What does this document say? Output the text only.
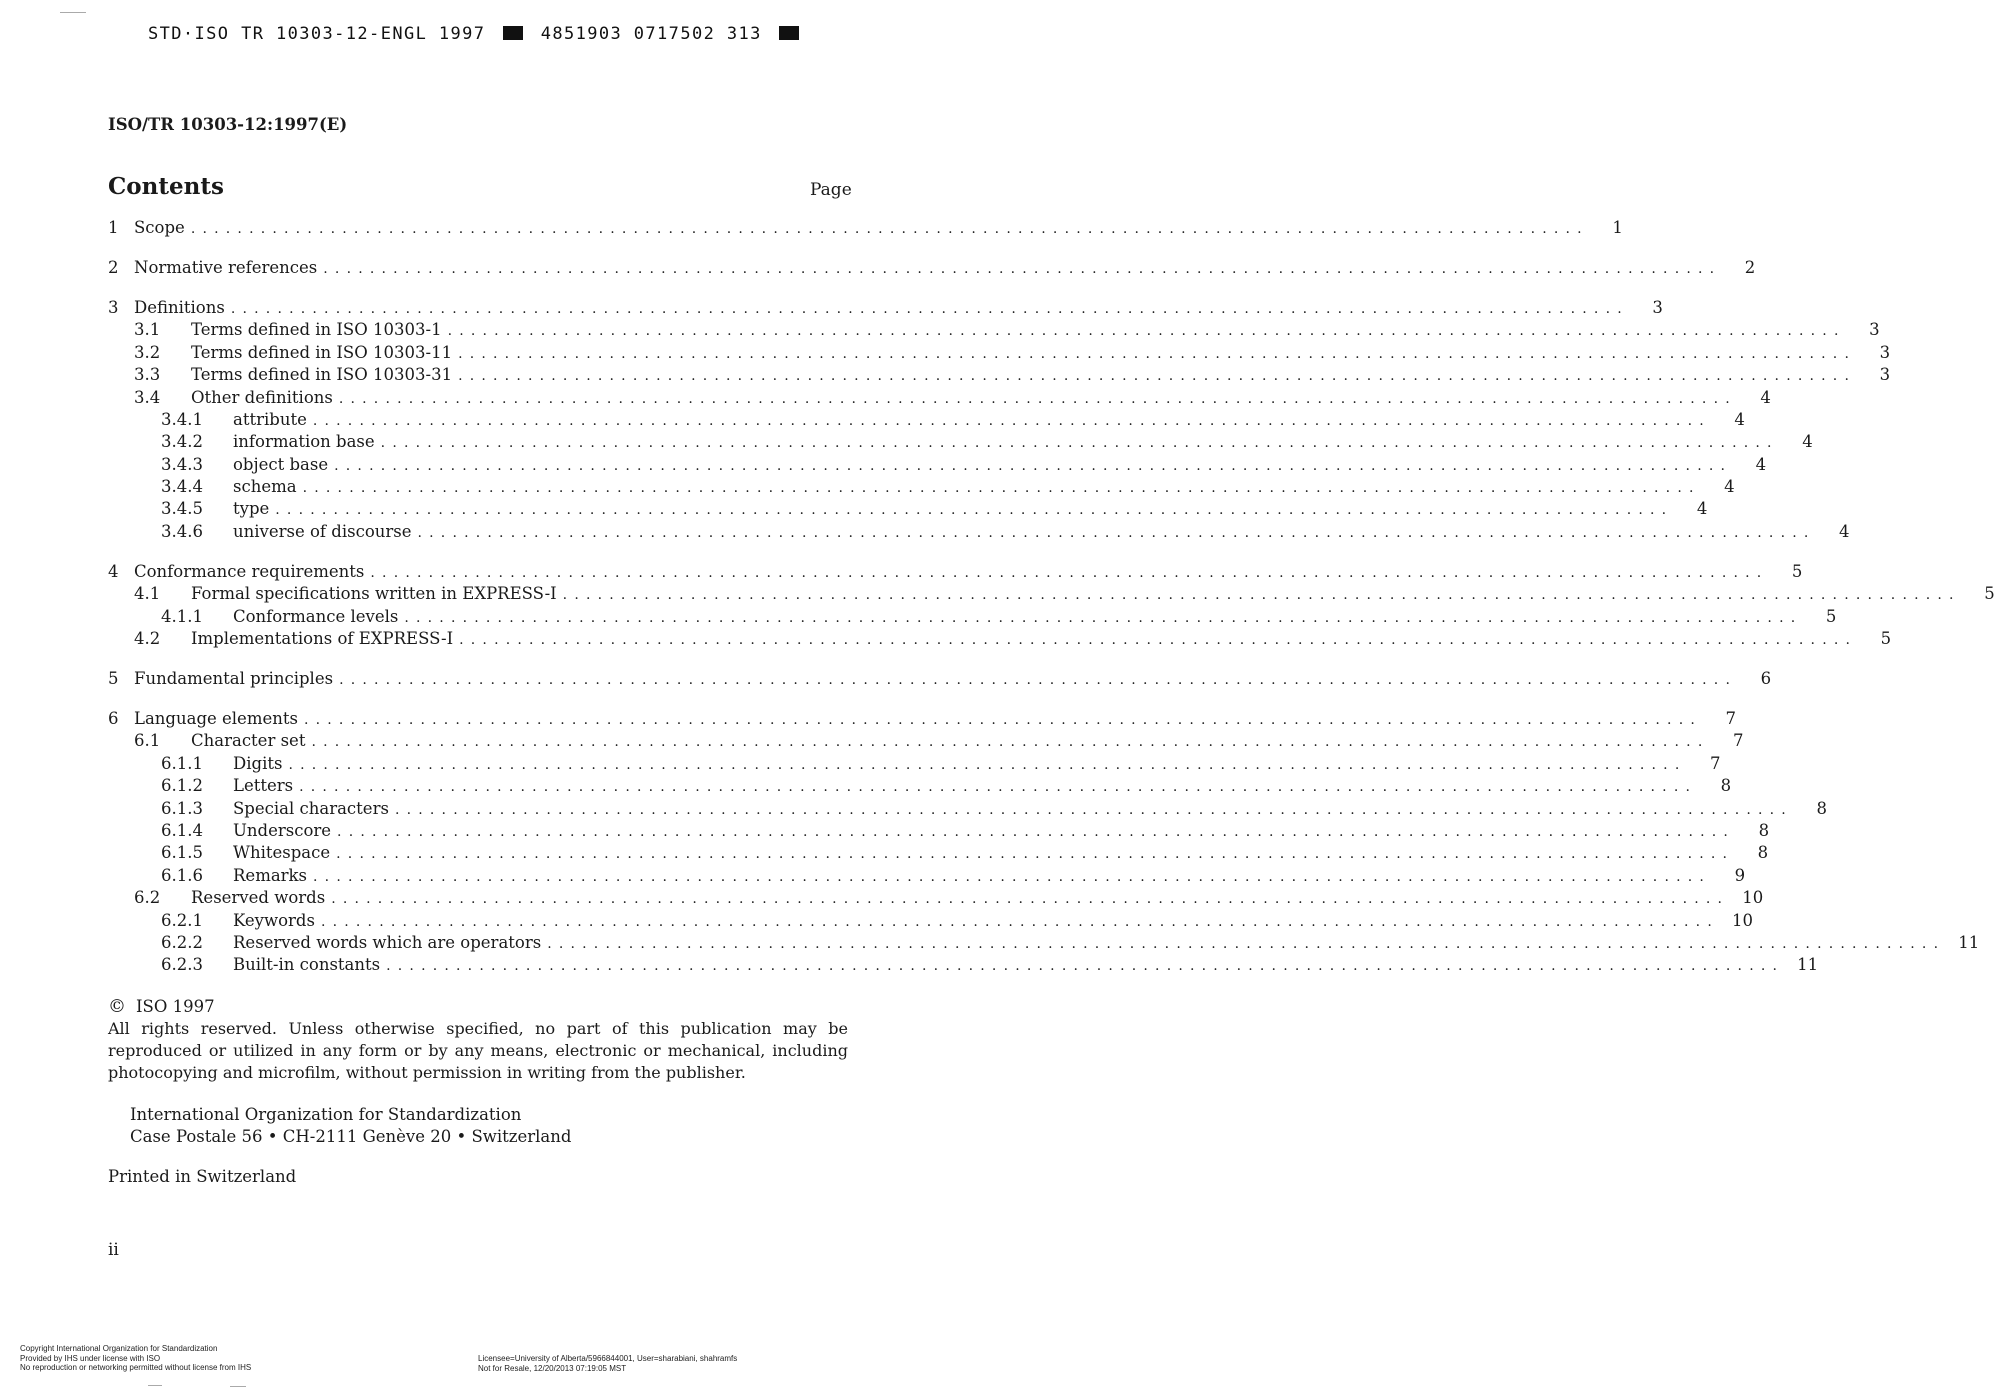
STD·ISO TR 10303-12-ENGL 1997	4851903 0717502 313
ISO/TR 10303-12:1997(E)
Contents	Page
1 Scope ........................................................................................................................	1
2 Normative references ........................................................................................................................	2
3 Definitions ........................................................................................................................	3
3.1	Terms defined in ISO 10303-1 ........................................................................................................................	3
3.2	Terms defined in ISO 10303-11 ........................................................................................................................	3
3.3	Terms defined in ISO 10303-31 ........................................................................................................................	3
3.4	Other definitions ........................................................................................................................	4
3.4.1	attribute ........................................................................................................................	4
3.4.2	information base ........................................................................................................................	4
3.4.3	object base ........................................................................................................................	4
3.4.4	schema ........................................................................................................................	4
3.4.5	type ........................................................................................................................	4
3.4.6	universe of discourse ........................................................................................................................	4
4 Conformance requirements ........................................................................................................................	5
4.1	Formal specifications written in EXPRESS-I ........................................................................................................................	5
4.1.1	Conformance levels ........................................................................................................................	5
4.2	Implementations of EXPRESS-I ........................................................................................................................	5
5 Fundamental principles ........................................................................................................................	6
6 Language elements ........................................................................................................................	7
6.1	Character set ........................................................................................................................	7
6.1.1	Digits ........................................................................................................................	7
6.1.2	Letters ........................................................................................................................	8
6.1.3	Special characters ........................................................................................................................	8
6.1.4	Underscore ........................................................................................................................	8
6.1.5	Whitespace ........................................................................................................................	8
6.1.6	Remarks ........................................................................................................................	9
6.2	Reserved words ........................................................................................................................ 10
6.2.1	Keywords ........................................................................................................................ 10
6.2.2	Reserved words which are operators ........................................................................................................................ 11
6.2.3	Built-in constants ........................................................................................................................ 11
© ISO 1997
All rights reserved. Unless otherwise specified, no part of this publication may be reproduced or utilized in any form or by any means, electronic or mechanical, including photocopying and microfilm, without permission in writing from the publisher.
International Organization for Standardization
Case Postale 56 • CH-2111 Genève 20 • Switzerland
Printed in Switzerland
ii
Copyright International Organization for Standardization
Provided by IHS under license with ISO
No reproduction or networking permitted without license from IHS
Licensee=University of Alberta/5966844001, User=sharabiani, shahramfs
Not for Resale, 12/20/2013 07:19:05 MST
